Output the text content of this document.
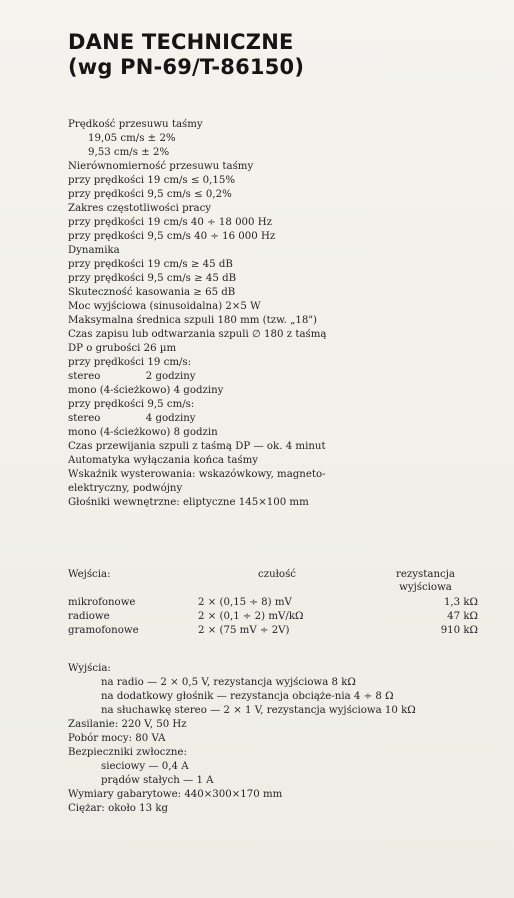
DANE TECHNICZNE
(wg PN-69/T-86150)
Prędkość przesuwu taśmy
19,05 cm/s ± 2%
9,53 cm/s ± 2%
Nierównomierność przesuwu taśmy
przy prędkości 19 cm/s ≤ 0,15%
przy prędkości 9,5 cm/s ≤ 0,2%
Zakres częstotliwości pracy
przy prędkości 19 cm/s 40 ÷ 18 000 Hz
przy prędkości 9,5 cm/s 40 ÷ 16 000 Hz
Dynamika
przy prędkości 19 cm/s ≥ 45 dB
przy prędkości 9,5 cm/s ≥ 45 dB
Skuteczność kasowania ≥ 65 dB
Moc wyjściowa (sinusoidalna) 2×5 W
Maksymalna średnica szpuli 180 mm (tzw. „18")
Czas zapisu lub odtwarzania szpuli ∅ 180 z taśmą
DP o grubości 26 µm
przy prędkości 19 cm/s:
stereo              2 godziny
mono (4-ścieżkowo) 4 godziny
przy prędkości 9,5 cm/s:
stereo              4 godziny
mono (4-ścieżkowo) 8 godzin
Czas przewijania szpuli z taśmą DP — ok. 4 minut
Automatyka wyłączania końca taśmy
Wskaźnik wysterowania: wskazówkowy, magneto-
elektryczny, podwójny
Głośniki wewnętrzne: eliptyczne 145×100 mm
Wejścia:	czułość	rezystancja wyjściowa
mikrofonowe	2 × (0,15 ÷ 8) mV	1,3 kΩ
radiowe	2 × (0,1 ÷ 2) mV/kΩ	47 kΩ
gramofonowe	2 × (75 mV ÷ 2V)	910 kΩ
Wyjścia:
na radio — 2 × 0,5 V, rezystancja wyjściowa 8 kΩ
na dodatkowy głośnik — rezystancja obciąże-nia 4 ÷ 8 Ω
na słuchawkę stereo — 2 × 1 V, rezystancja wyjściowa 10 kΩ
Zasilanie: 220 V, 50 Hz
Pobór mocy: 80 VA
Bezpieczniki zwłoczne:
sieciowy — 0,4 A
prądów stałych — 1 A
Wymiary gabarytowe: 440×300×170 mm
Ciężar: około 13 kg
